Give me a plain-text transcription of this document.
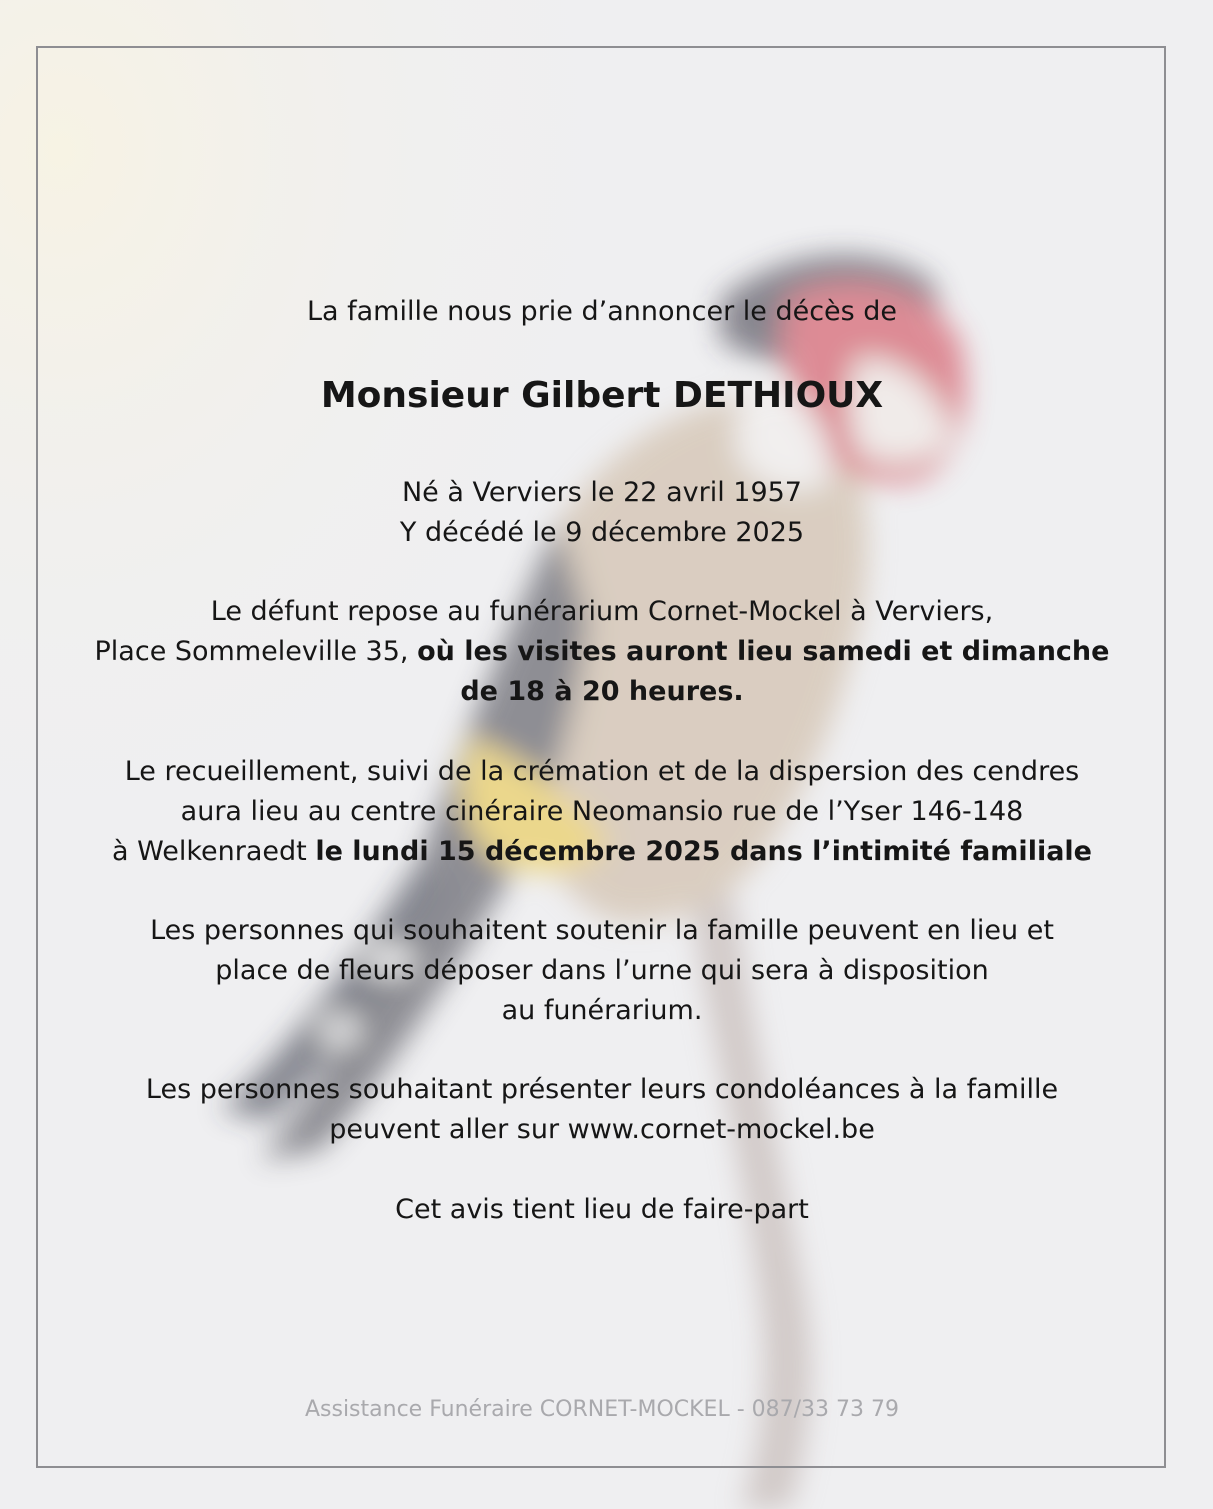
La famille nous prie d’annoncer le décès de

Monsieur Gilbert DETHIOUX

Né à Verviers le 22 avril 1957
Y décédé le 9 décembre 2025

Le défunt repose au funérarium Cornet-Mockel à Verviers,
Place Sommeleville 35, où les visites auront lieu samedi et dimanche
de 18 à 20 heures.

Le recueillement, suivi de la crémation et de la dispersion des cendres
aura lieu au centre cinéraire Neomansio rue de l’Yser 146-148
à Welkenraedt le lundi 15 décembre 2025 dans l’intimité familiale

Les personnes qui souhaitent soutenir la famille peuvent en lieu et
place de fleurs déposer dans l’urne qui sera à disposition
au funérarium.

Les personnes souhaitant présenter leurs condoléances à la famille
peuvent aller sur www.cornet-mockel.be

Cet avis tient lieu de faire-part

Assistance Funéraire CORNET-MOCKEL - 087/33 73 79
